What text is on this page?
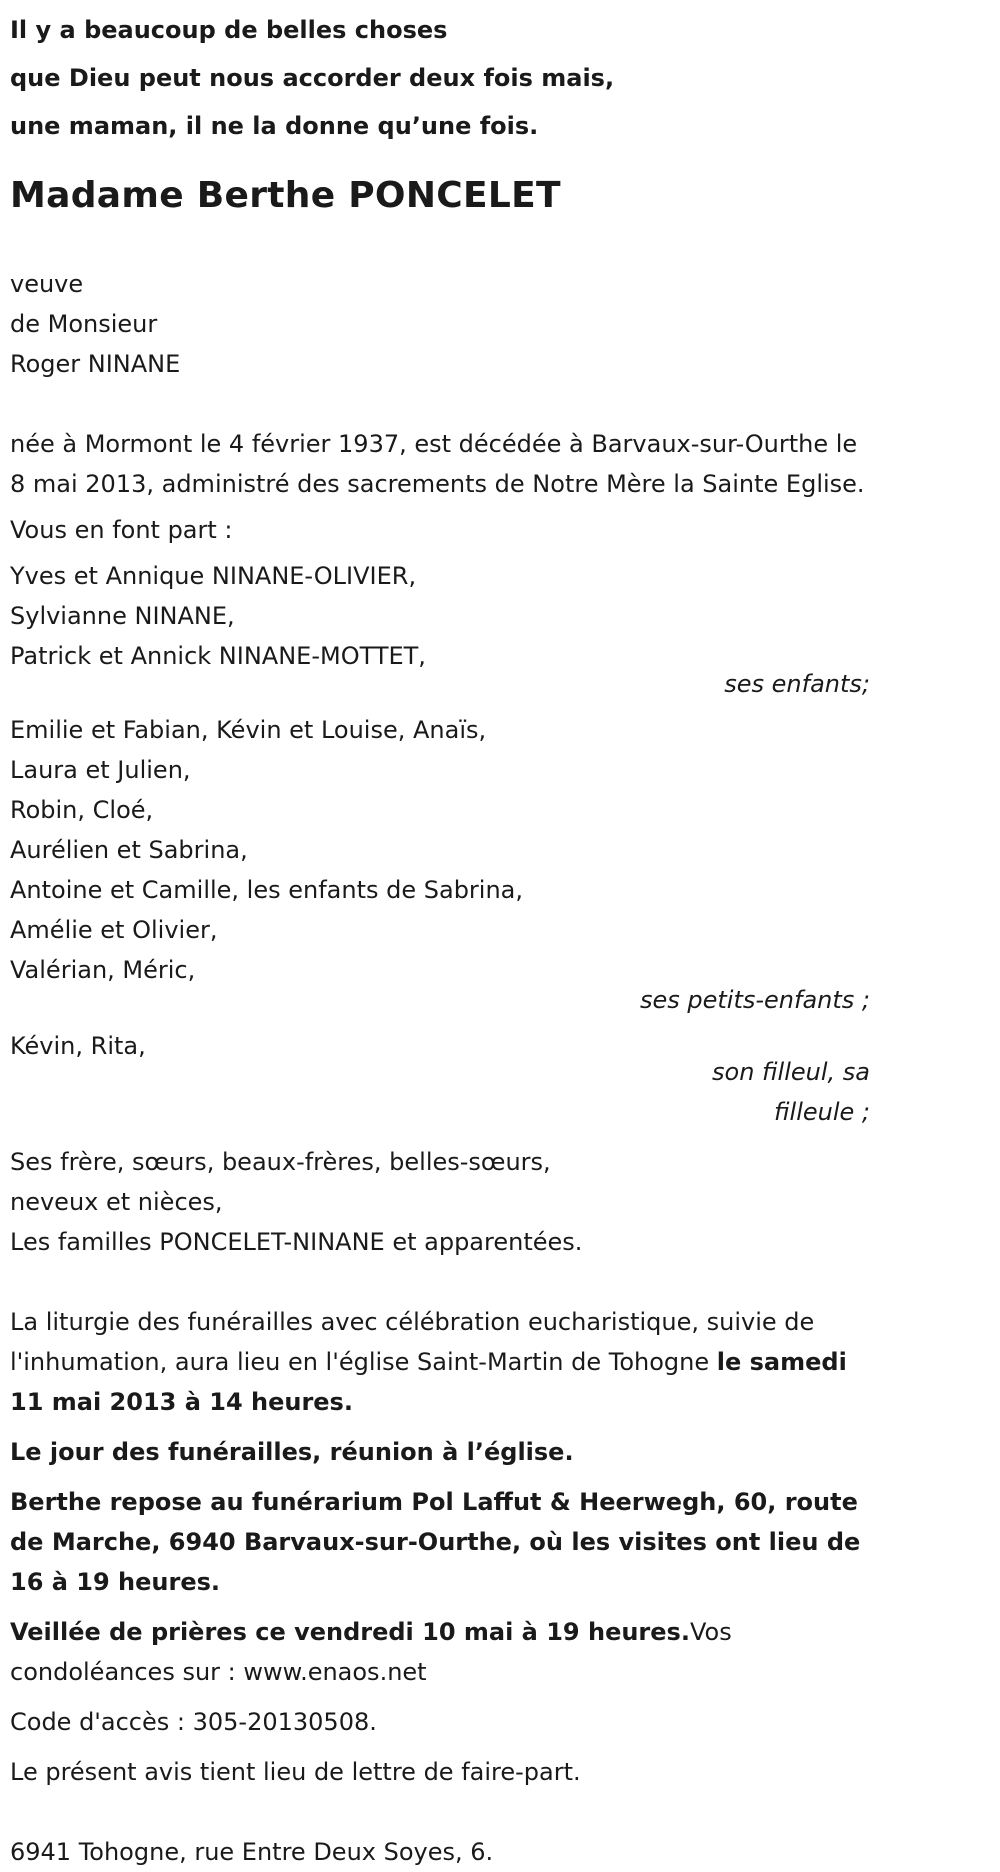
Il y a beaucoup de belles choses

que Dieu peut nous accorder deux fois mais,

une maman, il ne la donne qu’une fois.

Madame Berthe PONCELET
veuve
de Monsieur
Roger NINANE

née à Mormont le 4 février 1937, est décédée à Barvaux-sur-Ourthe le 8 mai 2013, administré des sacrements de Notre Mère la Sainte Eglise.

Vous en font part :

Yves et Annique NINANE-OLIVIER,
Sylvianne NINANE,
Patrick et Annick NINANE-MOTTET,

ses enfants;

Emilie et Fabian, Kévin et Louise, Anaïs,
Laura et Julien,
Robin, Cloé,
Aurélien et Sabrina,
Antoine et Camille, les enfants de Sabrina,
Amélie et Olivier,
Valérian, Méric,

ses petits-enfants ;

Kévin, Rita,

son filleul, sa
filleule ;
Ses frère, sœurs, beaux-frères, belles-sœurs,
neveux et nièces,
Les familles PONCELET-NINANE et apparentées.

La liturgie des funérailles avec célébration eucharistique, suivie de l'inhumation, aura lieu en l'église Saint-Martin de Tohogne le samedi 11 mai 2013 à 14 heures.

Le jour des funérailles, réunion à l’église.

Berthe repose au funérarium Pol Laffut & Heerwegh, 60, route de Marche, 6940 Barvaux-sur-Ourthe, où les visites ont lieu de 16 à 19 heures.

Veillée de prières ce vendredi 10 mai à 19 heures.Vos condoléances sur : www.enaos.net

Code d'accès : 305-20130508.

Le présent avis tient lieu de lettre de faire-part.

6941 Tohogne, rue Entre Deux Soyes, 6.
